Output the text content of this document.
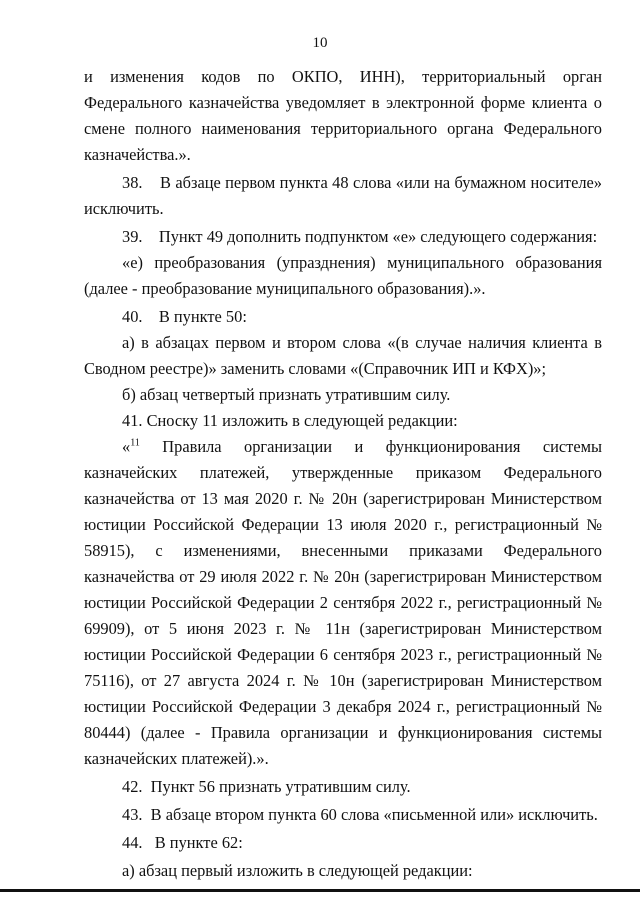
10

и изменения кодов по ОКПО, ИНН), территориальный орган Федерального казначейства уведомляет в электронной форме клиента о смене полного наименования территориального органа Федерального казначейства.».

38.    В абзаце первом пункта 48 слова «или на бумажном носителе» исключить.

39.    Пункт 49 дополнить подпунктом «е» следующего содержания:

«е) преобразования (упразднения) муниципального образования (далее - преобразование муниципального образования).».

40.    В пункте 50:

а) в абзацах первом и втором слова «(в случае наличия клиента в Сводном реестре)» заменить словами «(Справочник ИП и КФХ)»;

б) абзац четвертый признать утратившим силу.

41. Сноску 11 изложить в следующей редакции:

«$^{11}$ Правила организации и функционирования системы казначейских платежей, утвержденные приказом Федерального казначейства от 13 мая 2020 г. № 20н (зарегистрирован Министерством юстиции Российской Федерации 13 июля 2020 г., регистрационный № 58915), с изменениями, внесенными приказами Федерального казначейства от 29 июля 2022 г. № 20н (зарегистрирован Министерством юстиции Российской Федерации 2 сентября 2022 г., регистрационный № 69909), от 5 июня 2023 г. № 11н (зарегистрирован Министерством юстиции Российской Федерации 6 сентября 2023 г., регистрационный № 75116), от 27 августа 2024 г. № 10н (зарегистрирован Министерством юстиции Российской Федерации 3 декабря 2024 г., регистрационный № 80444) (далее - Правила организации и функционирования системы казначейских платежей).».

42.  Пункт 56 признать утратившим силу.

43.  В абзаце втором пункта 60 слова «письменной или» исключить.

44.   В пункте 62:

а) абзац первый изложить в следующей редакции:
